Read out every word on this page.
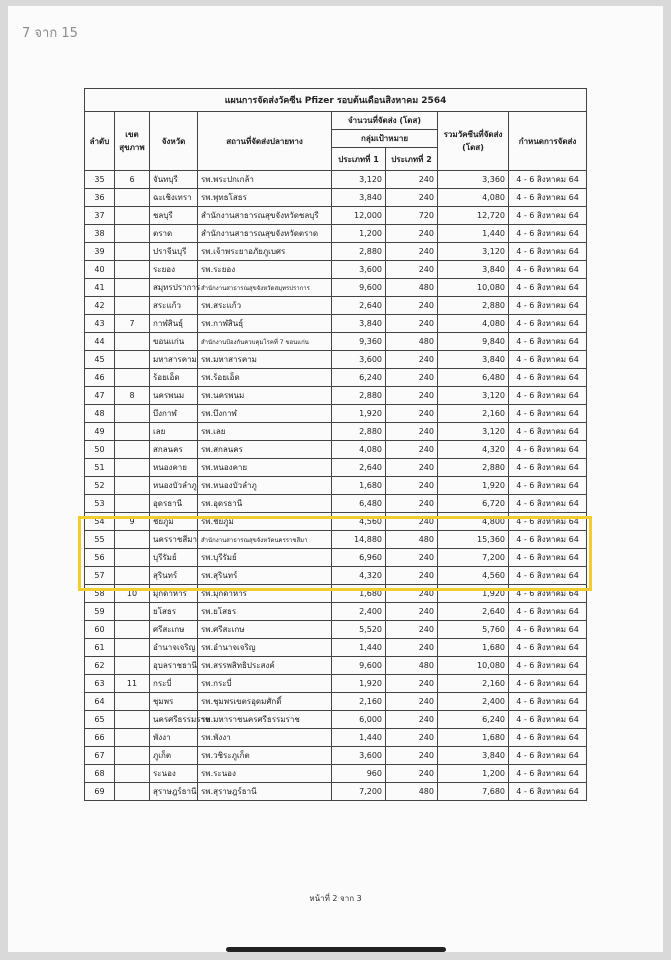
7 จาก 15
แผนการจัดส่งวัคซีน Pfizer รอบต้นเดือนสิงหาคม 2564							
ลำดับ	เขต สุขภาพ	จังหวัด	สถานที่จัดส่งปลายทาง	จำนวนที่จัดส่ง (โดส)		รวมวัคซีนที่จัดส่ง (โดส)	กำหนดการจัดส่ง
				กลุ่มเป้าหมาย			
				ประเภทที่ 1	ประเภทที่ 2		
35	6	จันทบุรี	รพ.พระปกเกล้า	3,120	240	3,360	4 - 6 สิงหาคม 64
36		ฉะเชิงเทรา	รพ.พุทธโสธร	3,840	240	4,080	4 - 6 สิงหาคม 64
37		ชลบุรี	สำนักงานสาธารณสุขจังหวัดชลบุรี	12,000	720	12,720	4 - 6 สิงหาคม 64
38		ตราด	สำนักงานสาธารณสุขจังหวัดตราด	1,200	240	1,440	4 - 6 สิงหาคม 64
39		ปราจีนบุรี	รพ.เจ้าพระยาอภัยภูเบศร	2,880	240	3,120	4 - 6 สิงหาคม 64
40		ระยอง	รพ.ระยอง	3,600	240	3,840	4 - 6 สิงหาคม 64
41		สมุทรปราการ	สำนักงานสาธารณสุขจังหวัดสมุทรปราการ	9,600	480	10,080	4 - 6 สิงหาคม 64
42		สระแก้ว	รพ.สระแก้ว	2,640	240	2,880	4 - 6 สิงหาคม 64
43	7	กาฬสินธุ์	รพ.กาฬสินธุ์	3,840	240	4,080	4 - 6 สิงหาคม 64
44		ขอนแก่น	สำนักงานป้องกันควบคุมโรคที่ 7 ขอนแก่น	9,360	480	9,840	4 - 6 สิงหาคม 64
45		มหาสารคาม	รพ.มหาสารคาม	3,600	240	3,840	4 - 6 สิงหาคม 64
46		ร้อยเอ็ด	รพ.ร้อยเอ็ด	6,240	240	6,480	4 - 6 สิงหาคม 64
47	8	นครพนม	รพ.นครพนม	2,880	240	3,120	4 - 6 สิงหาคม 64
48		บึงกาฬ	รพ.บึงกาฬ	1,920	240	2,160	4 - 6 สิงหาคม 64
49		เลย	รพ.เลย	2,880	240	3,120	4 - 6 สิงหาคม 64
50		สกลนคร	รพ.สกลนคร	4,080	240	4,320	4 - 6 สิงหาคม 64
51		หนองคาย	รพ.หนองคาย	2,640	240	2,880	4 - 6 สิงหาคม 64
52		หนองบัวลำภู	รพ.หนองบัวลำภู	1,680	240	1,920	4 - 6 สิงหาคม 64
53		อุดรธานี	รพ.อุดรธานี	6,480	240	6,720	4 - 6 สิงหาคม 64
54	9	ชัยภูมิ	รพ.ชัยภูมิ	4,560	240	4,800	4 - 6 สิงหาคม 64
55		นครราชสีมา	สำนักงานสาธารณสุขจังหวัดนครราชสีมา	14,880	480	15,360	4 - 6 สิงหาคม 64
56		บุรีรัมย์	รพ.บุรีรัมย์	6,960	240	7,200	4 - 6 สิงหาคม 64
57		สุรินทร์	รพ.สุรินทร์	4,320	240	4,560	4 - 6 สิงหาคม 64
58	10	มุกดาหาร	รพ.มุกดาหาร	1,680	240	1,920	4 - 6 สิงหาคม 64
59		ยโสธร	รพ.ยโสธร	2,400	240	2,640	4 - 6 สิงหาคม 64
60		ศรีสะเกษ	รพ.ศรีสะเกษ	5,520	240	5,760	4 - 6 สิงหาคม 64
61		อำนาจเจริญ	รพ.อำนาจเจริญ	1,440	240	1,680	4 - 6 สิงหาคม 64
62		อุบลราชธานี	รพ.สรรพสิทธิประสงค์	9,600	480	10,080	4 - 6 สิงหาคม 64
63	11	กระบี่	รพ.กระบี่	1,920	240	2,160	4 - 6 สิงหาคม 64
64		ชุมพร	รพ.ชุมพรเขตรอุดมศักดิ์	2,160	240	2,400	4 - 6 สิงหาคม 64
65		นครศรีธรรมราช	รพ.มหาราชนครศรีธรรมราช	6,000	240	6,240	4 - 6 สิงหาคม 64
66		พังงา	รพ.พังงา	1,440	240	1,680	4 - 6 สิงหาคม 64
67		ภูเก็ต	รพ.วชิระภูเก็ต	3,600	240	3,840	4 - 6 สิงหาคม 64
68		ระนอง	รพ.ระนอง	960	240	1,200	4 - 6 สิงหาคม 64
69		สุราษฎร์ธานี	รพ.สุราษฎร์ธานี	7,200	480	7,680	4 - 6 สิงหาคม 64
หน้าที่ 2 จาก 3
